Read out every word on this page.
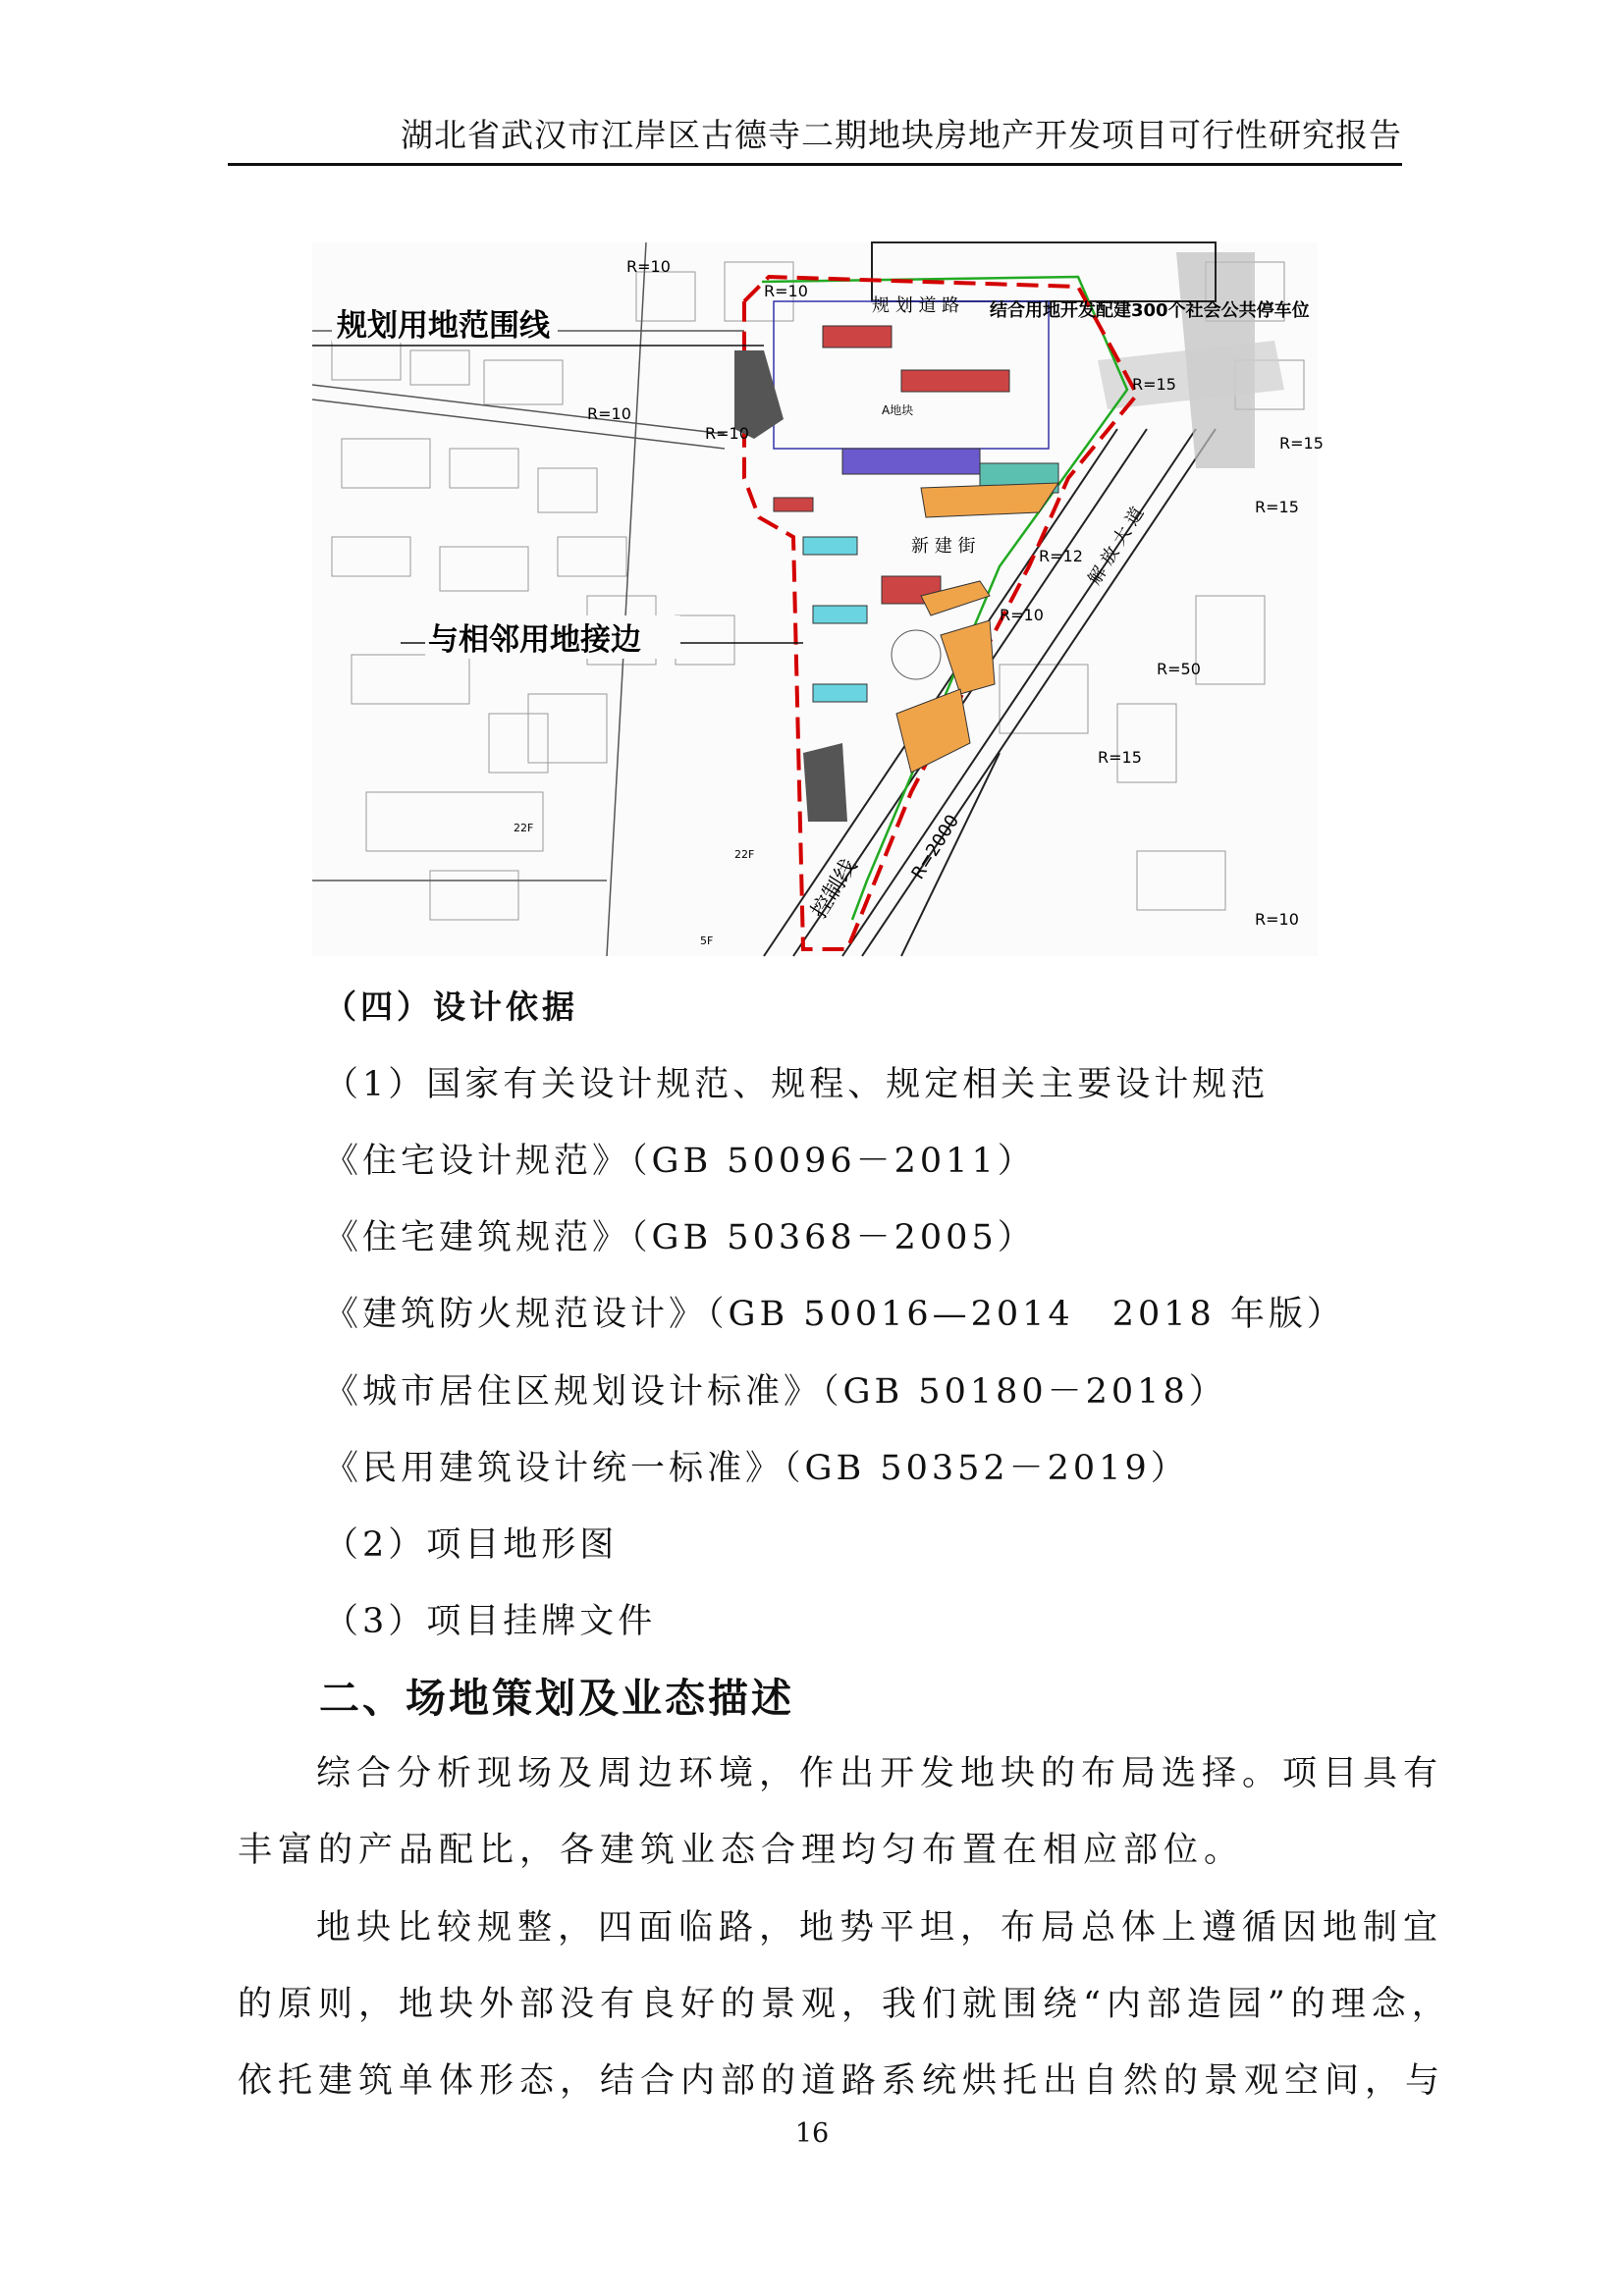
湖北省武汉市江岸区古德寺二期地块房地产开发项目可行性研究报告
规划用地范围线
与相邻用地接边
结合用地开发配建300个社会公共停车位
规 划 道 路
新 建 街
A地块
控制线
解 放 大 道
R=10
R=10
R=10
R=10
R=10
R=15
R=15
R=15
R=12
R=50
R=2000
R=10
R=15
22F
22F
5F
（四）设计依据
（1）国家有关设计规范、规程、规定相关主要设计规范
《住宅设计规范》（GB 50096－2011）
《住宅建筑规范》（GB 50368－2005）
《建筑防火规范设计》（GB 50016—2014　2018 年版）
《城市居住区规划设计标准》（GB 50180－2018）
《民用建筑设计统一标准》（GB 50352－2019）
（2）项目地形图
（3）项目挂牌文件
二、场地策划及业态描述
综合分析现场及周边环境，作出开发地块的布局选择。项目具有
丰富的产品配比，各建筑业态合理均匀布置在相应部位。
地块比较规整，四面临路，地势平坦，布局总体上遵循因地制宜
的原则，地块外部没有良好的景观，我们就围绕“内部造园”的理念，
依托建筑单体形态，结合内部的道路系统烘托出自然的景观空间，与
16
